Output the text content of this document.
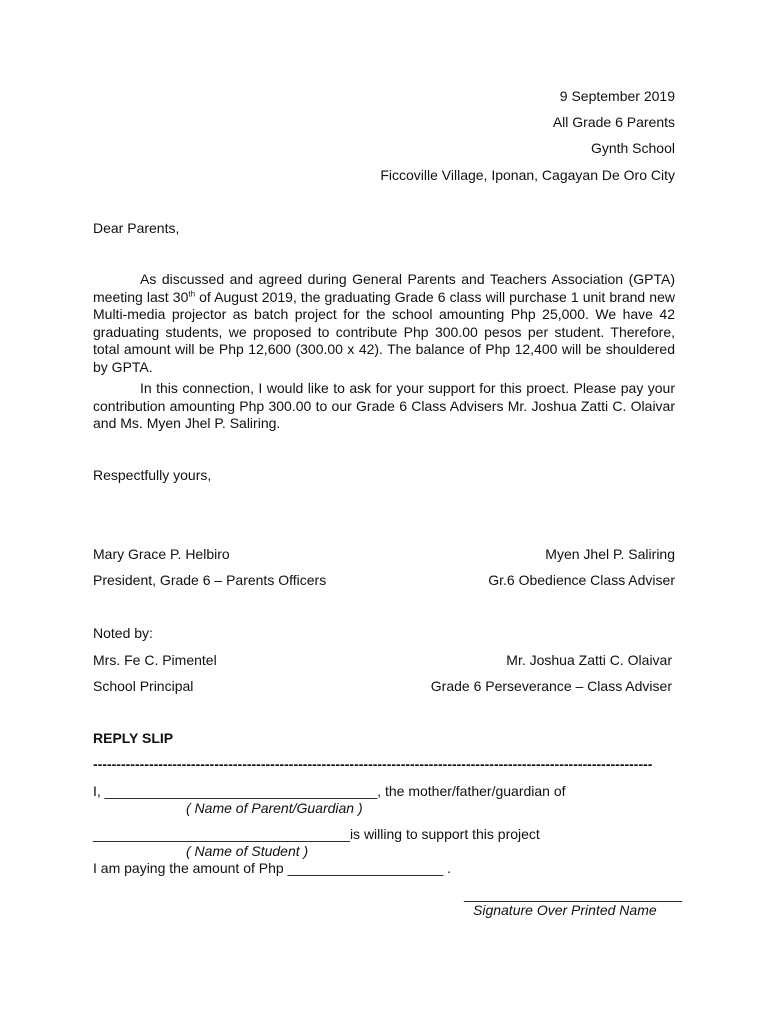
9 September 2019
All Grade 6 Parents
Gynth School
Ficcoville Village, Iponan, Cagayan De Oro City
Dear Parents,

As discussed and agreed during General Parents and Teachers Association (GPTA) meeting last 30th of August 2019, the graduating Grade 6 class will purchase 1 unit brand new Multi-media projector as batch project for the school amounting Php 25,000. We have 42 graduating students, we proposed to contribute Php 300.00 pesos per student. Therefore, total amount will be Php 12,600 (300.00 x 42). The balance of Php 12,400 will be shouldered by GPTA.

In this connection, I would like to ask for your support for this proect. Please pay your contribution amounting Php 300.00 to our Grade 6 Class Advisers Mr. Joshua Zatti C. Olaivar and Ms. Myen Jhel P. Saliring.

Respectfully yours,
Mary Grace P. Helbiro
President, Grade 6 – Parents Officers
Myen Jhel P. Saliring
Gr.6 Obedience Class Adviser
Noted by:
Mrs. Fe C. Pimentel
School Principal
Mr. Joshua Zatti C. Olaivar
Grade 6 Perseverance – Class Adviser
REPLY SLIP
------------------------------------------------------------------------------------------------------------------------
I, ___________________________________, the mother/father/guardian of
( Name of Parent/Guardian )
_________________________________is willing to support this project
( Name of Student )
I am paying the amount of Php ____________________ .
____________________________
Signature Over Printed Name
